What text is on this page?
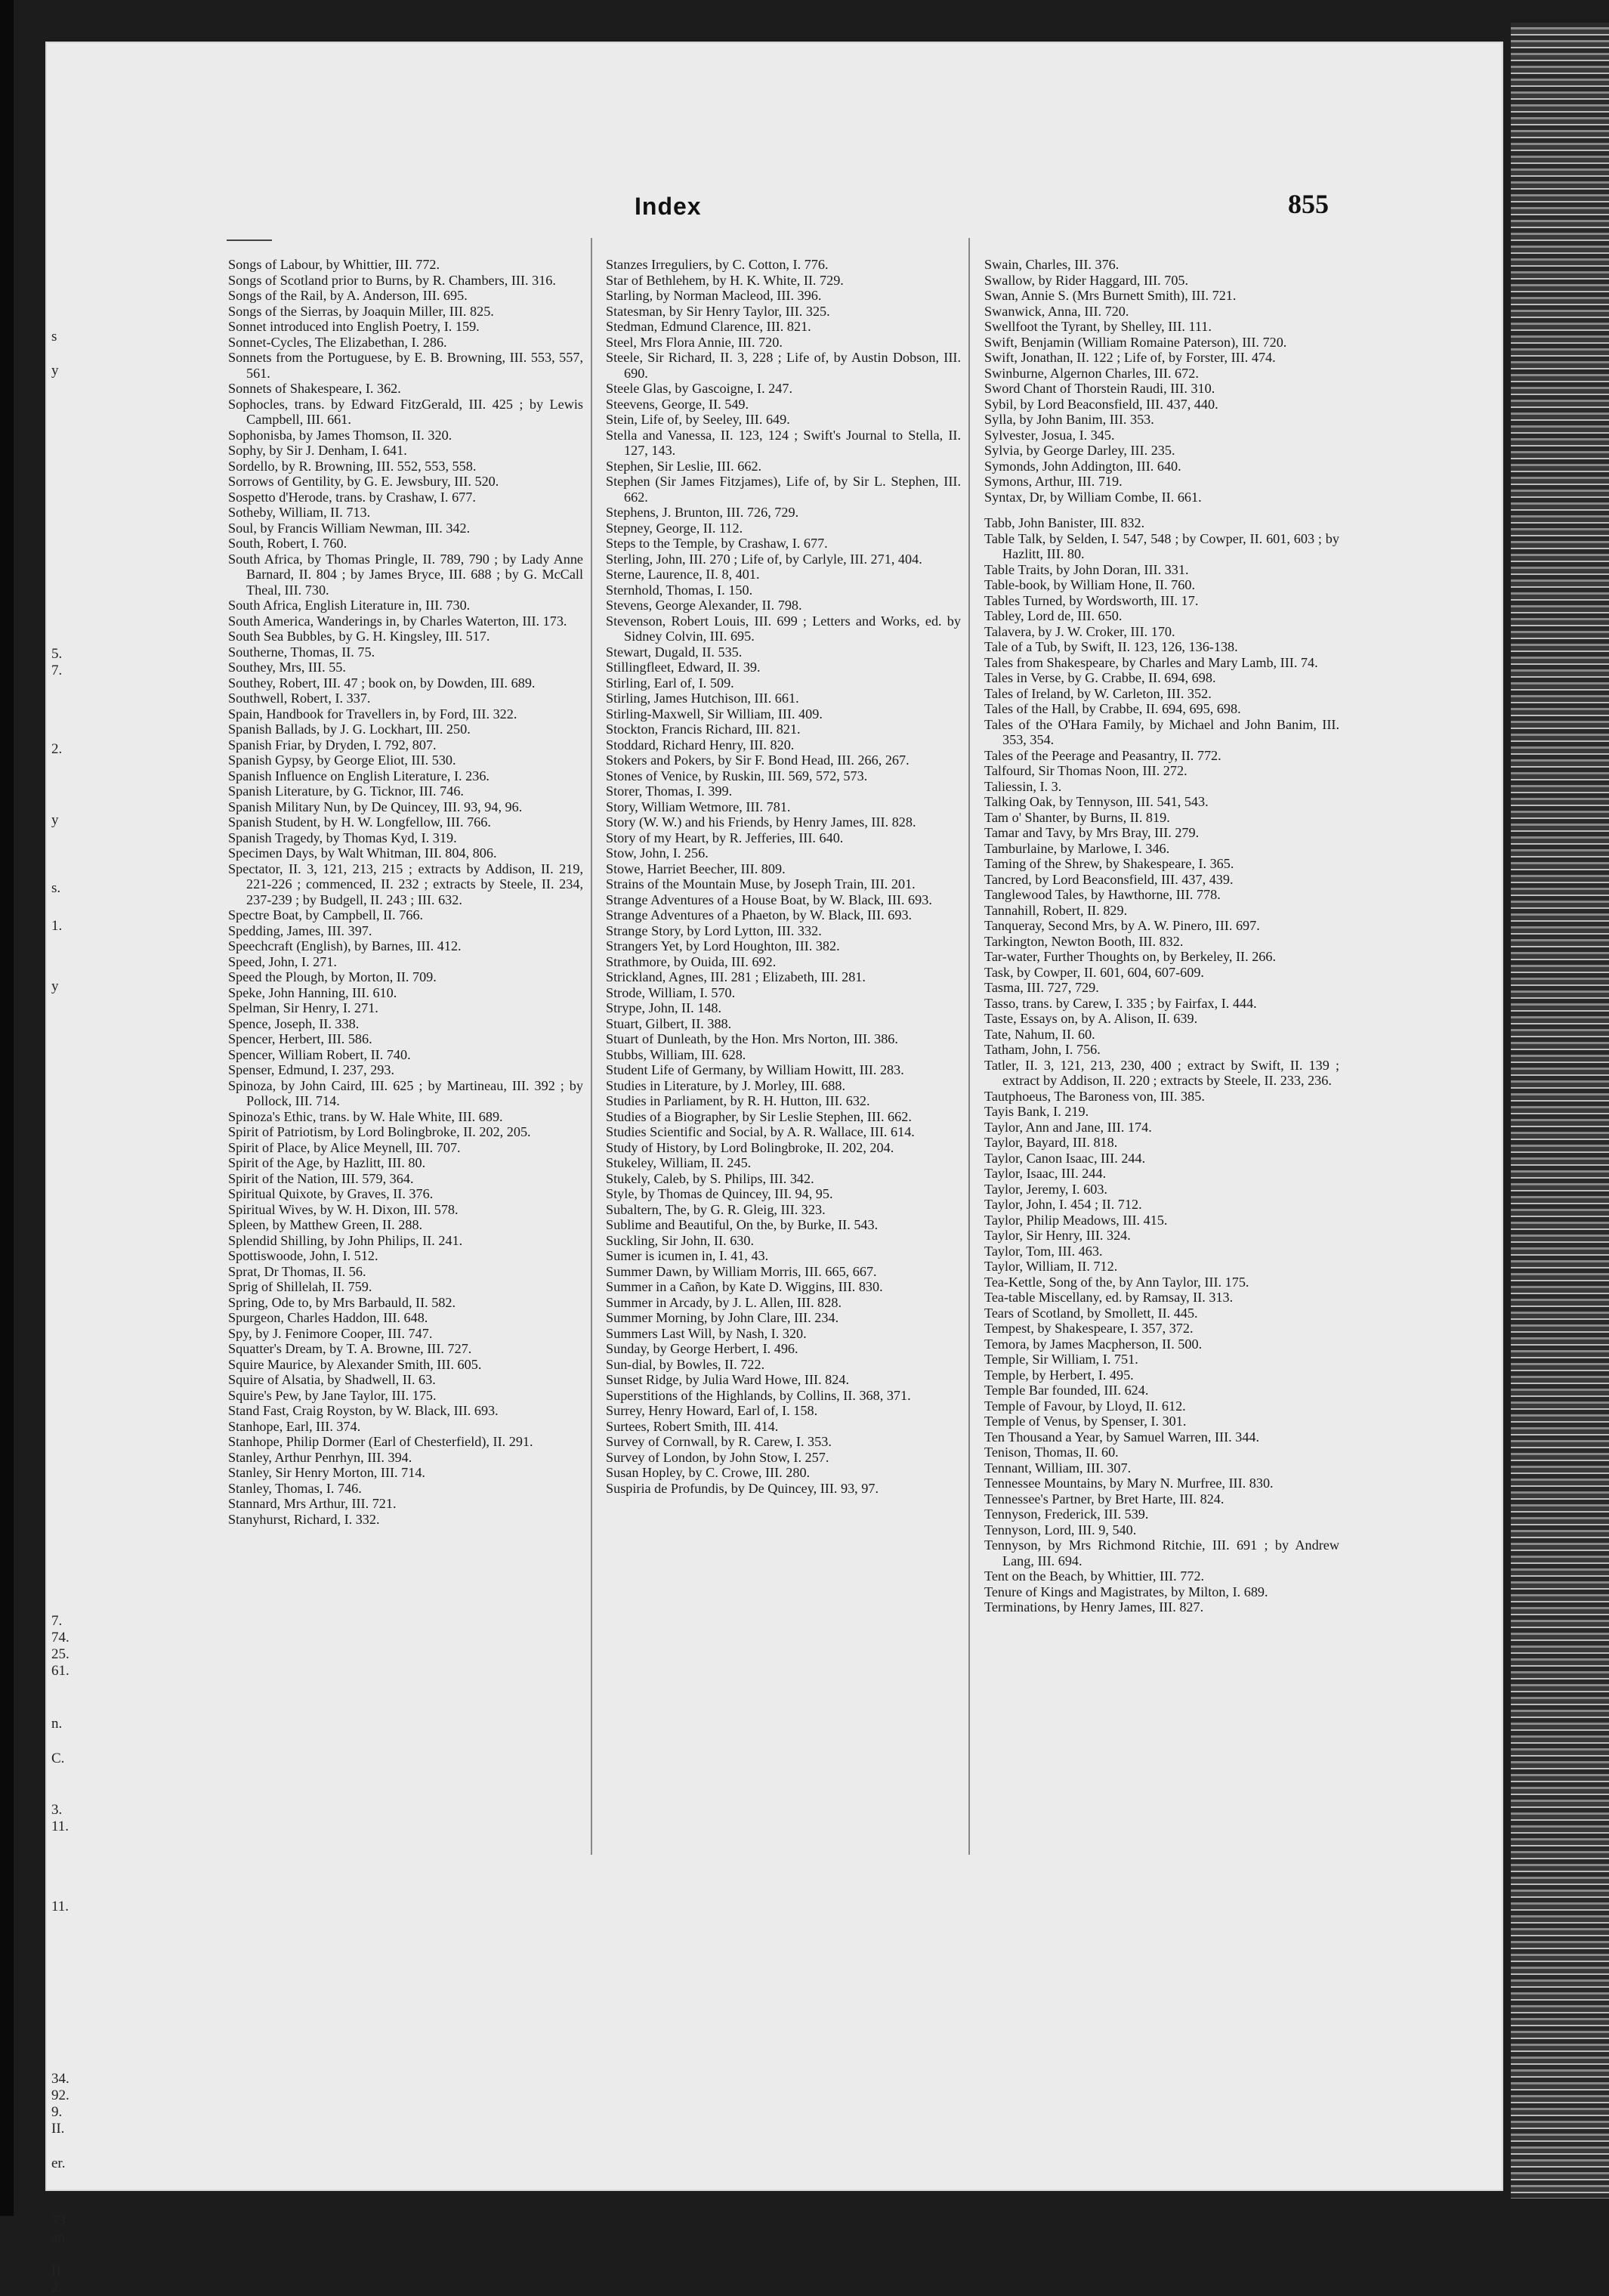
s
y
5.
7.
2.
y
s.
1.
y
7.
74.
25.
61.
n.
C.
3.
11.
11.
34.
92.
9.
II.
er.
73.
an.
II.
2.
Index	855
Songs of Labour, by Whittier, III. 772.
Songs of Scotland prior to Burns, by R. Chambers, III. 316.
Songs of the Rail, by A. Anderson, III. 695.
Songs of the Sierras, by Joaquin Miller, III. 825.
Sonnet introduced into English Poetry, I. 159.
Sonnet-Cycles, The Elizabethan, I. 286.
Sonnets from the Portuguese, by E. B. Browning, III. 553, 557, 561.
Sonnets of Shakespeare, I. 362.
Sophocles, trans. by Edward FitzGerald, III. 425 ; by Lewis Campbell, III. 661.
Sophonisba, by James Thomson, II. 320.
Sophy, by Sir J. Denham, I. 641.
Sordello, by R. Browning, III. 552, 553, 558.
Sorrows of Gentility, by G. E. Jewsbury, III. 520.
Sospetto d'Herode, trans. by Crashaw, I. 677.
Sotheby, William, II. 713.
Soul, by Francis William Newman, III. 342.
South, Robert, I. 760.
South Africa, by Thomas Pringle, II. 789, 790 ; by Lady Anne Barnard, II. 804 ; by James Bryce, III. 688 ; by G. McCall Theal, III. 730.
South Africa, English Literature in, III. 730.
South America, Wanderings in, by Charles Waterton, III. 173.
South Sea Bubbles, by G. H. Kingsley, III. 517.
Southerne, Thomas, II. 75.
Southey, Mrs, III. 55.
Southey, Robert, III. 47 ; book on, by Dowden, III. 689.
Southwell, Robert, I. 337.
Spain, Handbook for Travellers in, by Ford, III. 322.
Spanish Ballads, by J. G. Lockhart, III. 250.
Spanish Friar, by Dryden, I. 792, 807.
Spanish Gypsy, by George Eliot, III. 530.
Spanish Influence on English Literature, I. 236.
Spanish Literature, by G. Ticknor, III. 746.
Spanish Military Nun, by De Quincey, III. 93, 94, 96.
Spanish Student, by H. W. Longfellow, III. 766.
Spanish Tragedy, by Thomas Kyd, I. 319.
Specimen Days, by Walt Whitman, III. 804, 806.
Spectator, II. 3, 121, 213, 215 ; extracts by Addison, II. 219, 221-226 ; commenced, II. 232 ; extracts by Steele, II. 234, 237-239 ; by Budgell, II. 243 ; III. 632.
Spectre Boat, by Campbell, II. 766.
Spedding, James, III. 397.
Speechcraft (English), by Barnes, III. 412.
Speed, John, I. 271.
Speed the Plough, by Morton, II. 709.
Speke, John Hanning, III. 610.
Spelman, Sir Henry, I. 271.
Spence, Joseph, II. 338.
Spencer, Herbert, III. 586.
Spencer, William Robert, II. 740.
Spenser, Edmund, I. 237, 293.
Spinoza, by John Caird, III. 625 ; by Martineau, III. 392 ; by Pollock, III. 714.
Spinoza's Ethic, trans. by W. Hale White, III. 689.
Spirit of Patriotism, by Lord Bolingbroke, II. 202, 205.
Spirit of Place, by Alice Meynell, III. 707.
Spirit of the Age, by Hazlitt, III. 80.
Spirit of the Nation, III. 579, 364.
Spiritual Quixote, by Graves, II. 376.
Spiritual Wives, by W. H. Dixon, III. 578.
Spleen, by Matthew Green, II. 288.
Splendid Shilling, by John Philips, II. 241.
Spottiswoode, John, I. 512.
Sprat, Dr Thomas, II. 56.
Sprig of Shillelah, II. 759.
Spring, Ode to, by Mrs Barbauld, II. 582.
Spurgeon, Charles Haddon, III. 648.
Spy, by J. Fenimore Cooper, III. 747.
Squatter's Dream, by T. A. Browne, III. 727.
Squire Maurice, by Alexander Smith, III. 605.
Squire of Alsatia, by Shadwell, II. 63.
Squire's Pew, by Jane Taylor, III. 175.
Stand Fast, Craig Royston, by W. Black, III. 693.
Stanhope, Earl, III. 374.
Stanhope, Philip Dormer (Earl of Chesterfield), II. 291.
Stanley, Arthur Penrhyn, III. 394.
Stanley, Sir Henry Morton, III. 714.
Stanley, Thomas, I. 746.
Stannard, Mrs Arthur, III. 721.
Stanyhurst, Richard, I. 332.
Stanzes Irreguliers, by C. Cotton, I. 776.
Star of Bethlehem, by H. K. White, II. 729.
Starling, by Norman Macleod, III. 396.
Statesman, by Sir Henry Taylor, III. 325.
Stedman, Edmund Clarence, III. 821.
Steel, Mrs Flora Annie, III. 720.
Steele, Sir Richard, II. 3, 228 ; Life of, by Austin Dobson, III. 690.
Steele Glas, by Gascoigne, I. 247.
Steevens, George, II. 549.
Stein, Life of, by Seeley, III. 649.
Stella and Vanessa, II. 123, 124 ; Swift's Journal to Stella, II. 127, 143.
Stephen, Sir Leslie, III. 662.
Stephen (Sir James Fitzjames), Life of, by Sir L. Stephen, III. 662.
Stephens, J. Brunton, III. 726, 729.
Stepney, George, II. 112.
Steps to the Temple, by Crashaw, I. 677.
Sterling, John, III. 270 ; Life of, by Carlyle, III. 271, 404.
Sterne, Laurence, II. 8, 401.
Sternhold, Thomas, I. 150.
Stevens, George Alexander, II. 798.
Stevenson, Robert Louis, III. 699 ; Letters and Works, ed. by Sidney Colvin, III. 695.
Stewart, Dugald, II. 535.
Stillingfleet, Edward, II. 39.
Stirling, Earl of, I. 509.
Stirling, James Hutchison, III. 661.
Stirling-Maxwell, Sir William, III. 409.
Stockton, Francis Richard, III. 821.
Stoddard, Richard Henry, III. 820.
Stokers and Pokers, by Sir F. Bond Head, III. 266, 267.
Stones of Venice, by Ruskin, III. 569, 572, 573.
Storer, Thomas, I. 399.
Story, William Wetmore, III. 781.
Story (W. W.) and his Friends, by Henry James, III. 828.
Story of my Heart, by R. Jefferies, III. 640.
Stow, John, I. 256.
Stowe, Harriet Beecher, III. 809.
Strains of the Mountain Muse, by Joseph Train, III. 201.
Strange Adventures of a House Boat, by W. Black, III. 693.
Strange Adventures of a Phaeton, by W. Black, III. 693.
Strange Story, by Lord Lytton, III. 332.
Strangers Yet, by Lord Houghton, III. 382.
Strathmore, by Ouida, III. 692.
Strickland, Agnes, III. 281 ; Elizabeth, III. 281.
Strode, William, I. 570.
Strype, John, II. 148.
Stuart, Gilbert, II. 388.
Stuart of Dunleath, by the Hon. Mrs Norton, III. 386.
Stubbs, William, III. 628.
Student Life of Germany, by William Howitt, III. 283.
Studies in Literature, by J. Morley, III. 688.
Studies in Parliament, by R. H. Hutton, III. 632.
Studies of a Biographer, by Sir Leslie Stephen, III. 662.
Studies Scientific and Social, by A. R. Wallace, III. 614.
Study of History, by Lord Bolingbroke, II. 202, 204.
Stukeley, William, II. 245.
Stukely, Caleb, by S. Philips, III. 342.
Style, by Thomas de Quincey, III. 94, 95.
Subaltern, The, by G. R. Gleig, III. 323.
Sublime and Beautiful, On the, by Burke, II. 543.
Suckling, Sir John, II. 630.
Sumer is icumen in, I. 41, 43.
Summer Dawn, by William Morris, III. 665, 667.
Summer in a Cañon, by Kate D. Wiggins, III. 830.
Summer in Arcady, by J. L. Allen, III. 828.
Summer Morning, by John Clare, III. 234.
Summers Last Will, by Nash, I. 320.
Sunday, by George Herbert, I. 496.
Sun-dial, by Bowles, II. 722.
Sunset Ridge, by Julia Ward Howe, III. 824.
Superstitions of the Highlands, by Collins, II. 368, 371.
Surrey, Henry Howard, Earl of, I. 158.
Surtees, Robert Smith, III. 414.
Survey of Cornwall, by R. Carew, I. 353.
Survey of London, by John Stow, I. 257.
Susan Hopley, by C. Crowe, III. 280.
Suspiria de Profundis, by De Quincey, III. 93, 97.
Swain, Charles, III. 376.
Swallow, by Rider Haggard, III. 705.
Swan, Annie S. (Mrs Burnett Smith), III. 721.
Swanwick, Anna, III. 720.
Swellfoot the Tyrant, by Shelley, III. 111.
Swift, Benjamin (William Romaine Paterson), III. 720.
Swift, Jonathan, II. 122 ; Life of, by Forster, III. 474.
Swinburne, Algernon Charles, III. 672.
Sword Chant of Thorstein Raudi, III. 310.
Sybil, by Lord Beaconsfield, III. 437, 440.
Sylla, by John Banim, III. 353.
Sylvester, Josua, I. 345.
Sylvia, by George Darley, III. 235.
Symonds, John Addington, III. 640.
Symons, Arthur, III. 719.
Syntax, Dr, by William Combe, II. 661.
Tabb, John Banister, III. 832.
Table Talk, by Selden, I. 547, 548 ; by Cowper, II. 601, 603 ; by Hazlitt, III. 80.
Table Traits, by John Doran, III. 331.
Table-book, by William Hone, II. 760.
Tables Turned, by Wordsworth, III. 17.
Tabley, Lord de, III. 650.
Talavera, by J. W. Croker, III. 170.
Tale of a Tub, by Swift, II. 123, 126, 136-138.
Tales from Shakespeare, by Charles and Mary Lamb, III. 74.
Tales in Verse, by G. Crabbe, II. 694, 698.
Tales of Ireland, by W. Carleton, III. 352.
Tales of the Hall, by Crabbe, II. 694, 695, 698.
Tales of the O'Hara Family, by Michael and John Banim, III. 353, 354.
Tales of the Peerage and Peasantry, II. 772.
Talfourd, Sir Thomas Noon, III. 272.
Taliessin, I. 3.
Talking Oak, by Tennyson, III. 541, 543.
Tam o' Shanter, by Burns, II. 819.
Tamar and Tavy, by Mrs Bray, III. 279.
Tamburlaine, by Marlowe, I. 346.
Taming of the Shrew, by Shakespeare, I. 365.
Tancred, by Lord Beaconsfield, III. 437, 439.
Tanglewood Tales, by Hawthorne, III. 778.
Tannahill, Robert, II. 829.
Tanqueray, Second Mrs, by A. W. Pinero, III. 697.
Tarkington, Newton Booth, III. 832.
Tar-water, Further Thoughts on, by Berkeley, II. 266.
Task, by Cowper, II. 601, 604, 607-609.
Tasma, III. 727, 729.
Tasso, trans. by Carew, I. 335 ; by Fairfax, I. 444.
Taste, Essays on, by A. Alison, II. 639.
Tate, Nahum, II. 60.
Tatham, John, I. 756.
Tatler, II. 3, 121, 213, 230, 400 ; extract by Swift, II. 139 ; extract by Addison, II. 220 ; extracts by Steele, II. 233, 236.
Tautphoeus, The Baroness von, III. 385.
Tayis Bank, I. 219.
Taylor, Ann and Jane, III. 174.
Taylor, Bayard, III. 818.
Taylor, Canon Isaac, III. 244.
Taylor, Isaac, III. 244.
Taylor, Jeremy, I. 603.
Taylor, John, I. 454 ; II. 712.
Taylor, Philip Meadows, III. 415.
Taylor, Sir Henry, III. 324.
Taylor, Tom, III. 463.
Taylor, William, II. 712.
Tea-Kettle, Song of the, by Ann Taylor, III. 175.
Tea-table Miscellany, ed. by Ramsay, II. 313.
Tears of Scotland, by Smollett, II. 445.
Tempest, by Shakespeare, I. 357, 372.
Temora, by James Macpherson, II. 500.
Temple, Sir William, I. 751.
Temple, by Herbert, I. 495.
Temple Bar founded, III. 624.
Temple of Favour, by Lloyd, II. 612.
Temple of Venus, by Spenser, I. 301.
Ten Thousand a Year, by Samuel Warren, III. 344.
Tenison, Thomas, II. 60.
Tennant, William, III. 307.
Tennessee Mountains, by Mary N. Murfree, III. 830.
Tennessee's Partner, by Bret Harte, III. 824.
Tennyson, Frederick, III. 539.
Tennyson, Lord, III. 9, 540.
Tennyson, by Mrs Richmond Ritchie, III. 691 ; by Andrew Lang, III. 694.
Tent on the Beach, by Whittier, III. 772.
Tenure of Kings and Magistrates, by Milton, I. 689.
Terminations, by Henry James, III. 827.
